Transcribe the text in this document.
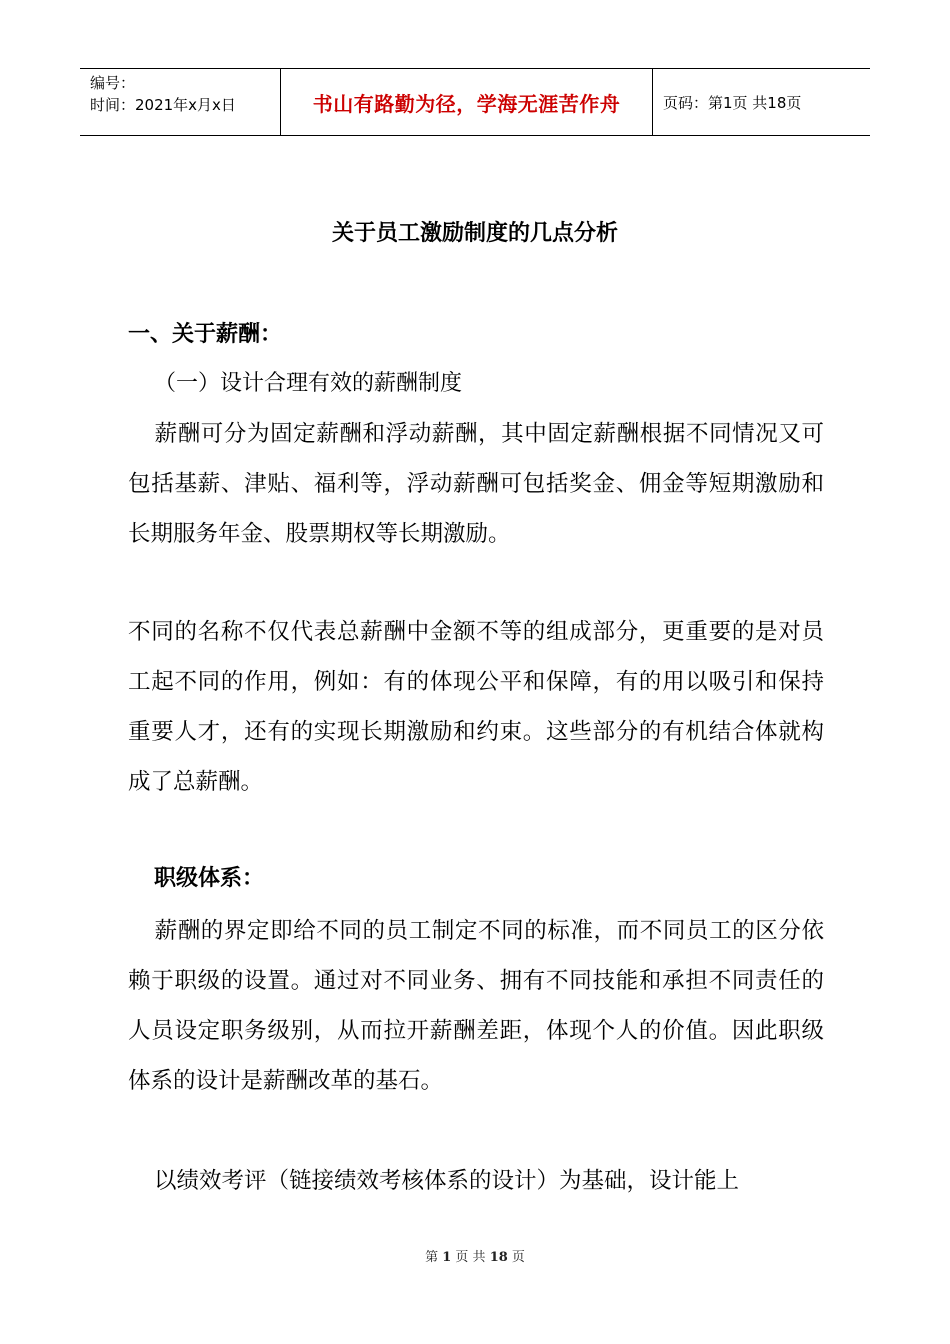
编号：
时间：2021年x月x日	书山有路勤为径，学海无涯苦作舟	页码：第1页 共18页
关于员工激励制度的几点分析
一、关于薪酬：
（一）设计合理有效的薪酬制度
薪酬可分为固定薪酬和浮动薪酬，其中固定薪酬根据不同情况又可包括基薪、津贴、福利等，浮动薪酬可包括奖金、佣金等短期激励和长期服务年金、股票期权等长期激励。
不同的名称不仅代表总薪酬中金额不等的组成部分，更重要的是对员工起不同的作用，例如：有的体现公平和保障，有的用以吸引和保持重要人才，还有的实现长期激励和约束。这些部分的有机结合体就构成了总薪酬。
职级体系：
薪酬的界定即给不同的员工制定不同的标准，而不同员工的区分依赖于职级的设置。通过对不同业务、拥有不同技能和承担不同责任的人员设定职务级别，从而拉开薪酬差距，体现个人的价值。因此职级体系的设计是薪酬改革的基石。
以绩效考评（链接绩效考核体系的设计）为基础，设计能上
第 1 页 共 18 页
